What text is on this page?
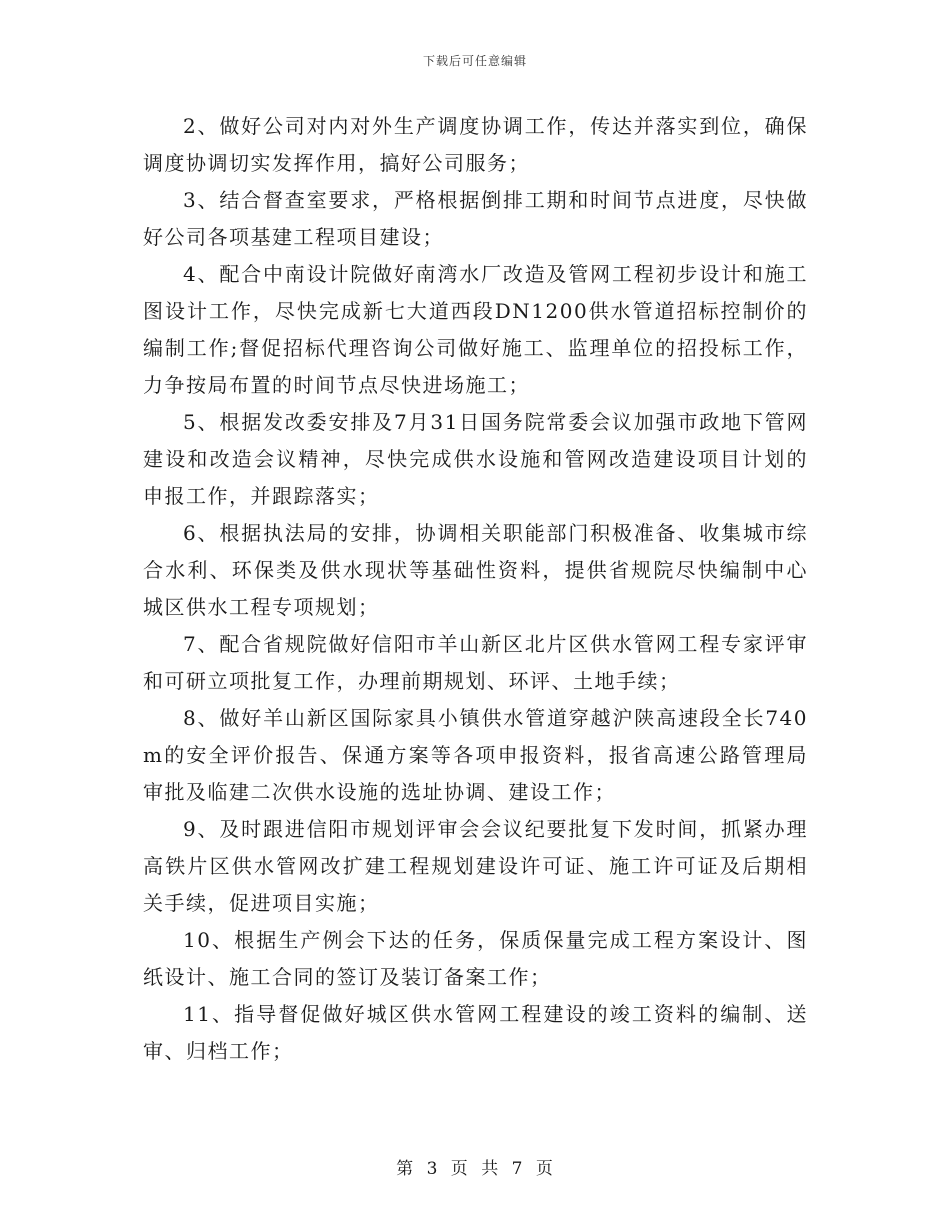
下载后可任意编辑

2、做好公司对内对外生产调度协调工作，传达并落实到位，确保调度协调切实发挥作用，搞好公司服务；

3、结合督查室要求，严格根据倒排工期和时间节点进度，尽快做好公司各项基建工程项目建设；

4、配合中南设计院做好南湾水厂改造及管网工程初步设计和施工图设计工作，尽快完成新七大道西段DN1200供水管道招标控制价的编制工作;督促招标代理咨询公司做好施工、监理单位的招投标工作，力争按局布置的时间节点尽快进场施工；

5、根据发改委安排及7月31日国务院常委会议加强市政地下管网建设和改造会议精神，尽快完成供水设施和管网改造建设项目计划的申报工作，并跟踪落实；

6、根据执法局的安排，协调相关职能部门积极准备、收集城市综合水利、环保类及供水现状等基础性资料，提供省规院尽快编制中心城区供水工程专项规划；

7、配合省规院做好信阳市羊山新区北片区供水管网工程专家评审和可研立项批复工作，办理前期规划、环评、土地手续；

8、做好羊山新区国际家具小镇供水管道穿越沪陕高速段全长740m的安全评价报告、保通方案等各项申报资料，报省高速公路管理局审批及临建二次供水设施的选址协调、建设工作；

9、及时跟进信阳市规划评审会会议纪要批复下发时间，抓紧办理高铁片区供水管网改扩建工程规划建设许可证、施工许可证及后期相关手续，促进项目实施；

10、根据生产例会下达的任务，保质保量完成工程方案设计、图纸设计、施工合同的签订及装订备案工作；

11、指导督促做好城区供水管网工程建设的竣工资料的编制、送审、归档工作；

第 3 页 共 7 页
